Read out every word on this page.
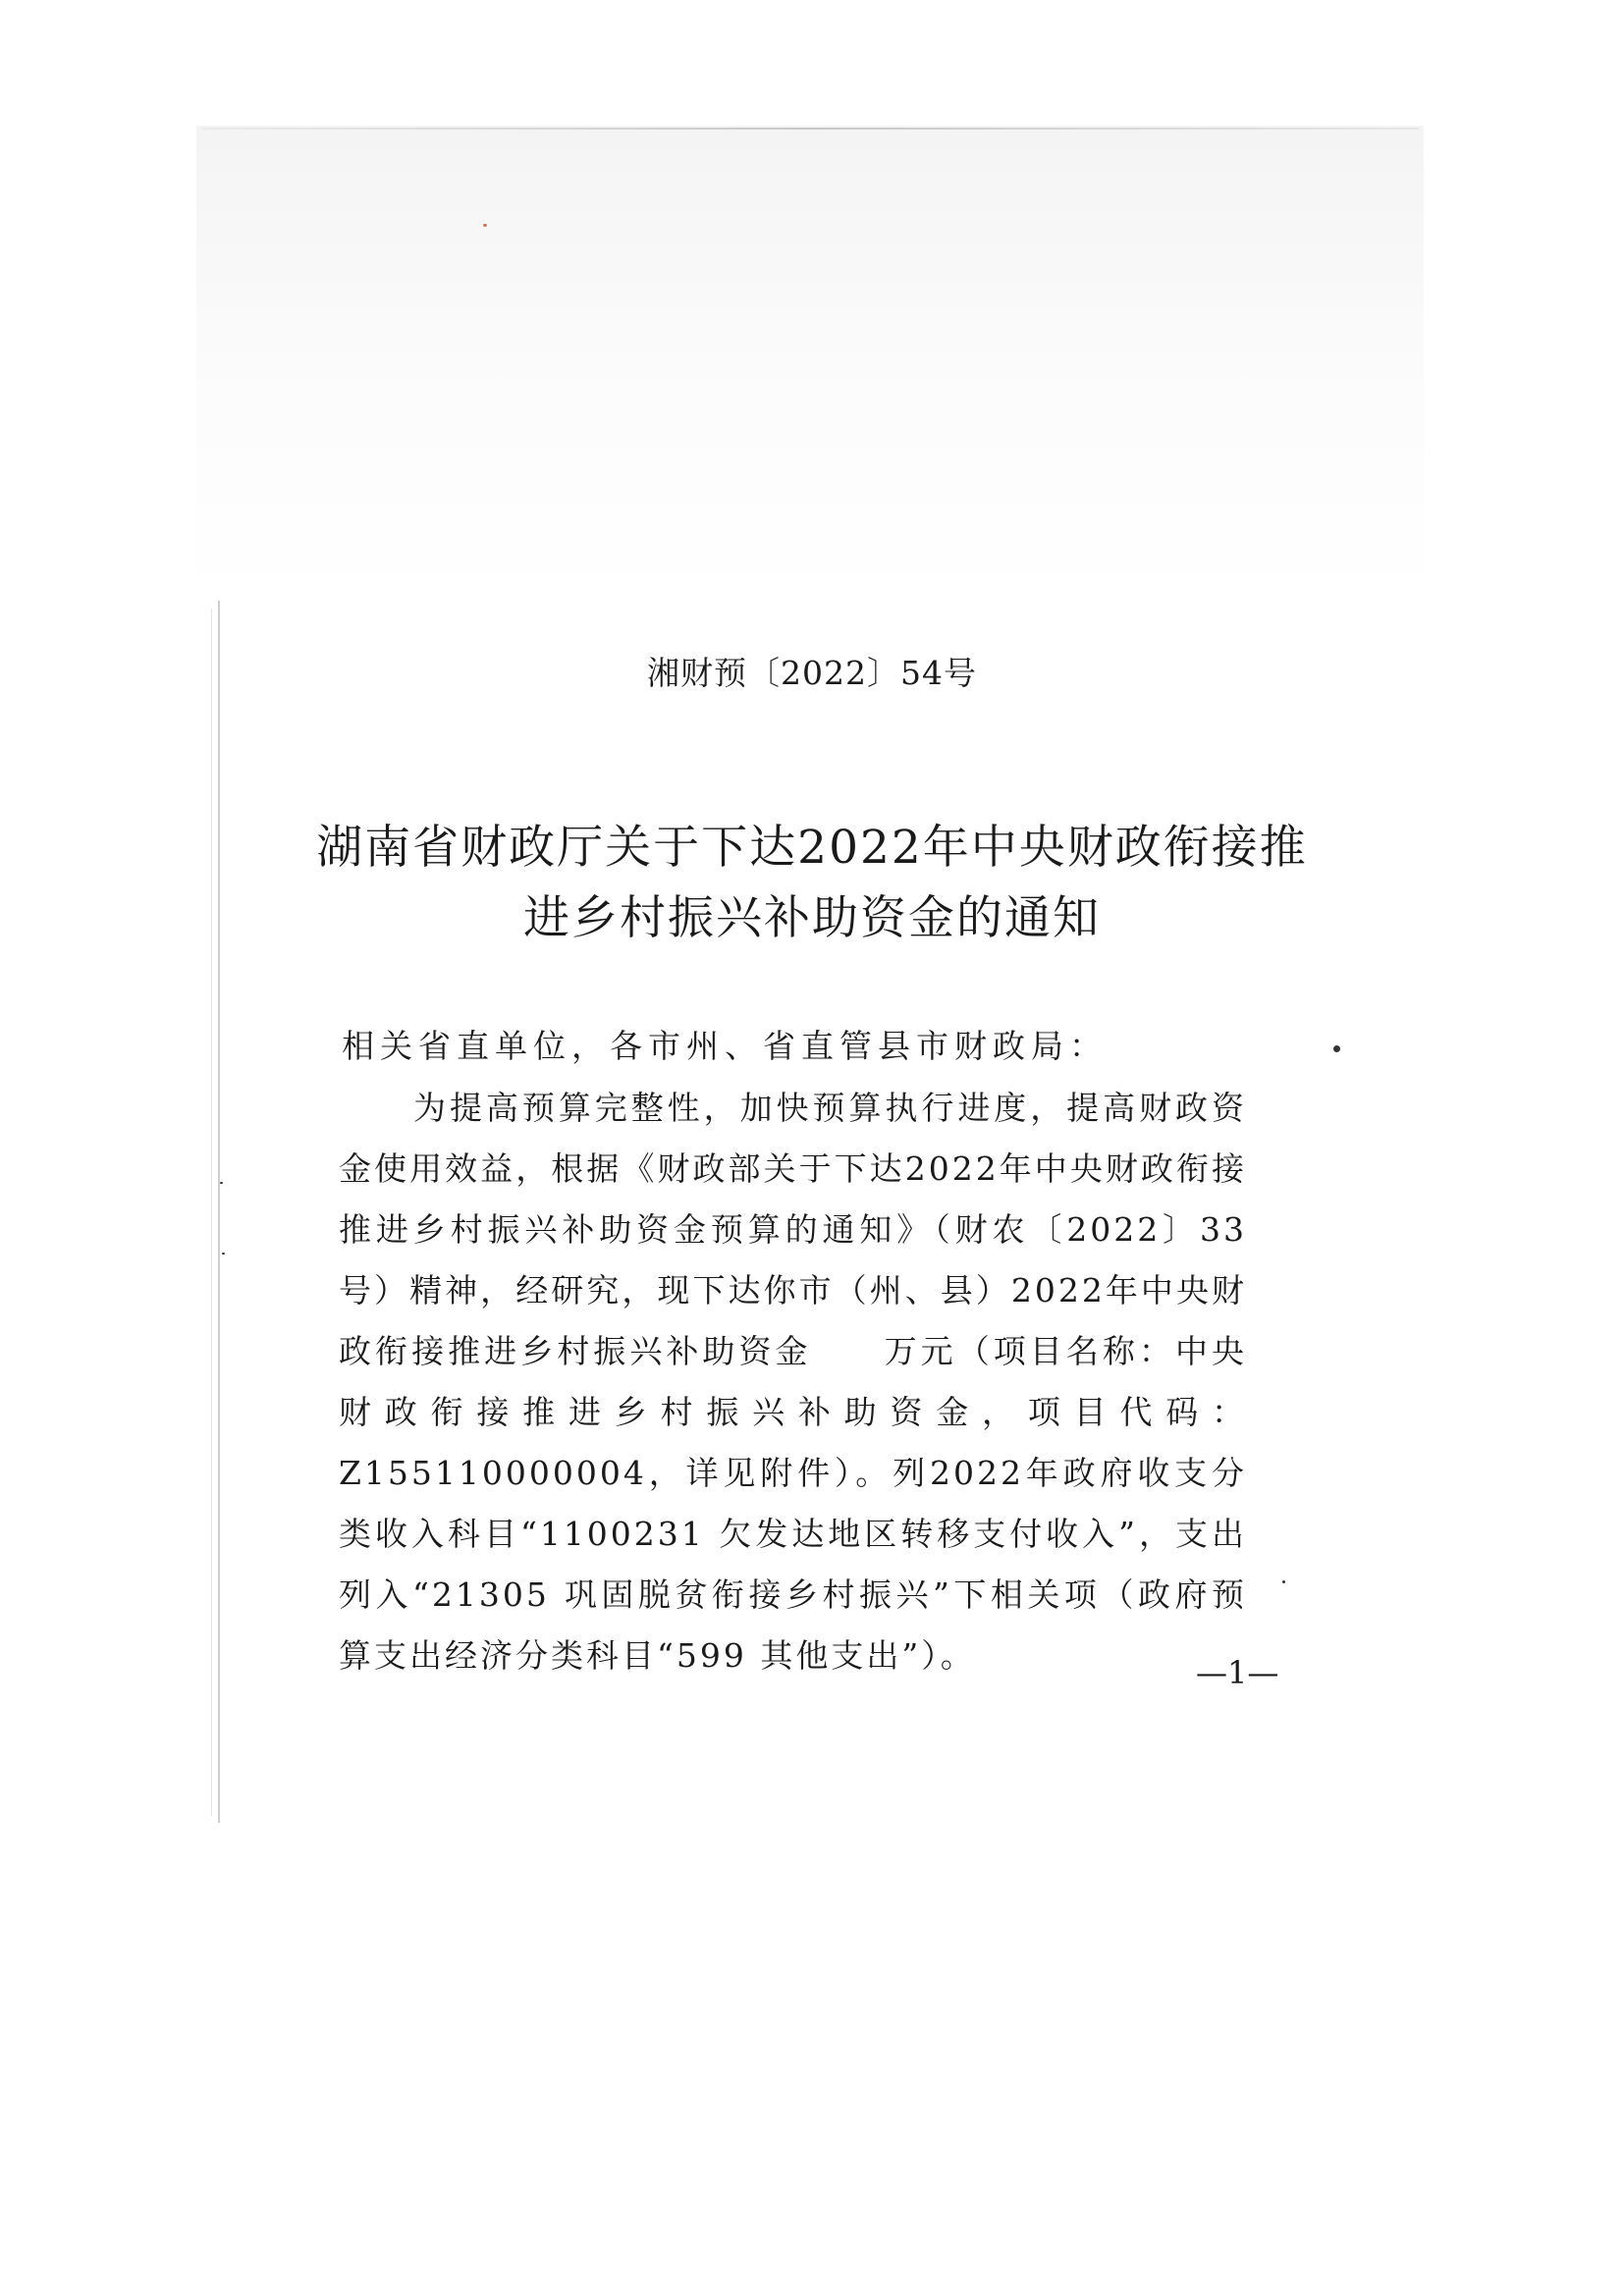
湘财预〔2022〕54号

湖南省财政厅关于下达2022年中央财政衔接推进乡村振兴补助资金的通知

相关省直单位，各市州、省直管县市财政局：

为提高预算完整性，加快预算执行进度，提高财政资金使用效益，根据《财政部关于下达2022年中央财政衔接推进乡村振兴补助资金预算的通知》（财农〔2022〕33号）精神，经研究，现下达你市（州、县）2022年中央财政衔接推进乡村振兴补助资金　　万元（项目名称：中央财政衔接推进乡村振兴补助资金，项目代码：Z155110000004，详见附件）。列2022年政府收支分类收入科目“1100231 欠发达地区转移支付收入”，支出列入“21305 巩固脱贫衔接乡村振兴”下相关项（政府预算支出经济分类科目“599 其他支出”）。	—1—
